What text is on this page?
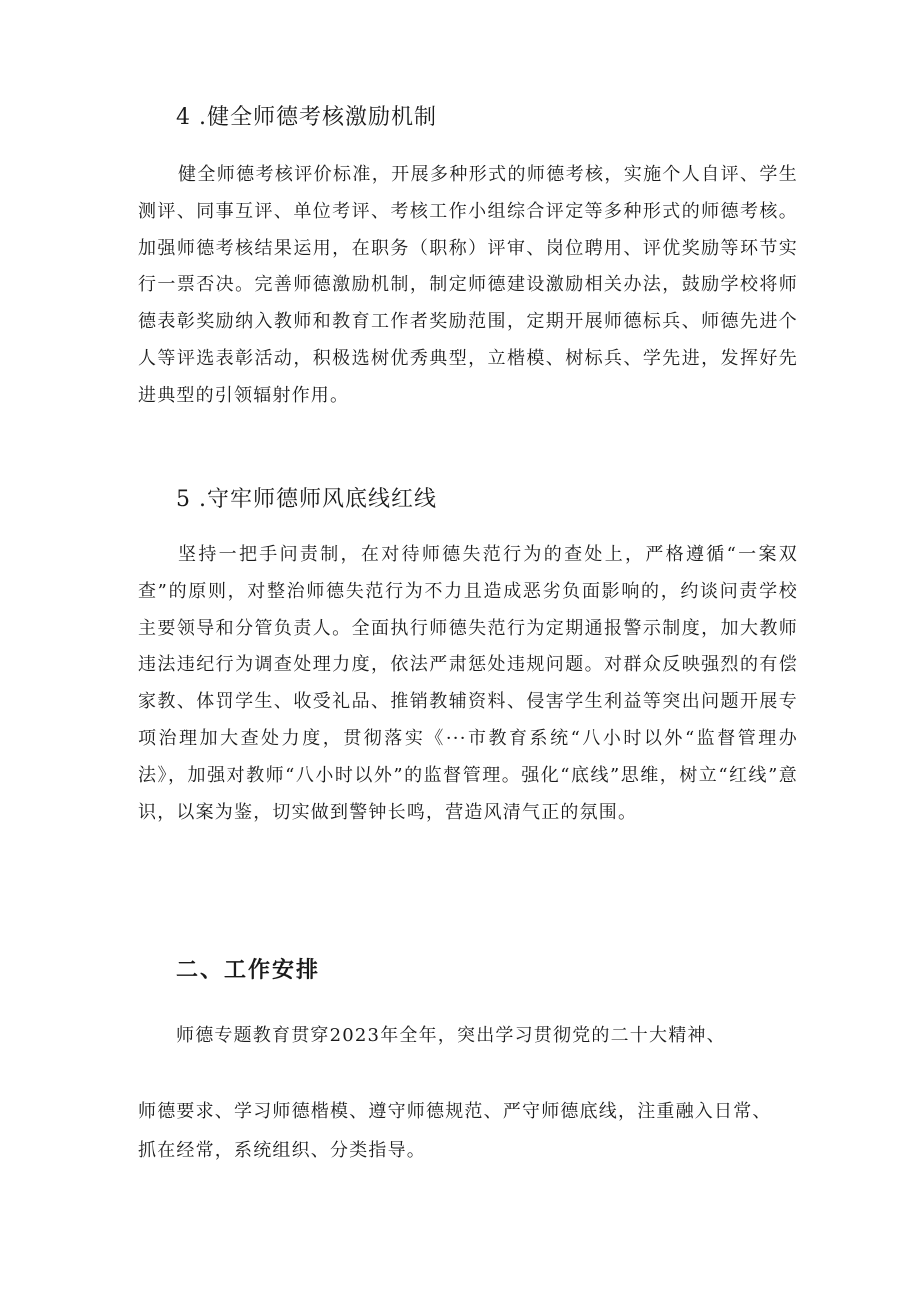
4 .健全师德考核激励机制
健全师德考核评价标准，开展多种形式的师德考核，实施个人自评、学生测评、同事互评、单位考评、考核工作小组综合评定等多种形式的师德考核。加强师德考核结果运用，在职务（职称）评审、岗位聘用、评优奖励等环节实行一票否决。完善师德激励机制，制定师德建设激励相关办法，鼓励学校将师德表彰奖励纳入教师和教育工作者奖励范围，定期开展师德标兵、师德先进个人等评选表彰活动，积极选树优秀典型，立楷模、树标兵、学先进，发挥好先进典型的引领辐射作用。
5 .守牢师德师风底线红线
坚持一把手问责制，在对待师德失范行为的查处上，严格遵循“一案双查”的原则，对整治师德失范行为不力且造成恶劣负面影响的，约谈问责学校主要领导和分管负责人。全面执行师德失范行为定期通报警示制度，加大教师违法违纪行为调查处理力度，依法严肃惩处违规问题。对群众反映强烈的有偿家教、体罚学生、收受礼品、推销教辅资料、侵害学生利益等突出问题开展专项治理加大查处力度，贯彻落实《···市教育系统“八小时以外“监督管理办法》，加强对教师“八小时以外”的监督管理。强化“底线”思维，树立“红线”意识，以案为鉴，切实做到警钟长鸣，营造风清气正的氛围。
二、工作安排
师德专题教育贯穿2023年全年，突出学习贯彻党的二十大精神、
师德要求、学习师德楷模、遵守师德规范、严守师德底线，注重融入日常、
抓在经常，系统组织、分类指导。
